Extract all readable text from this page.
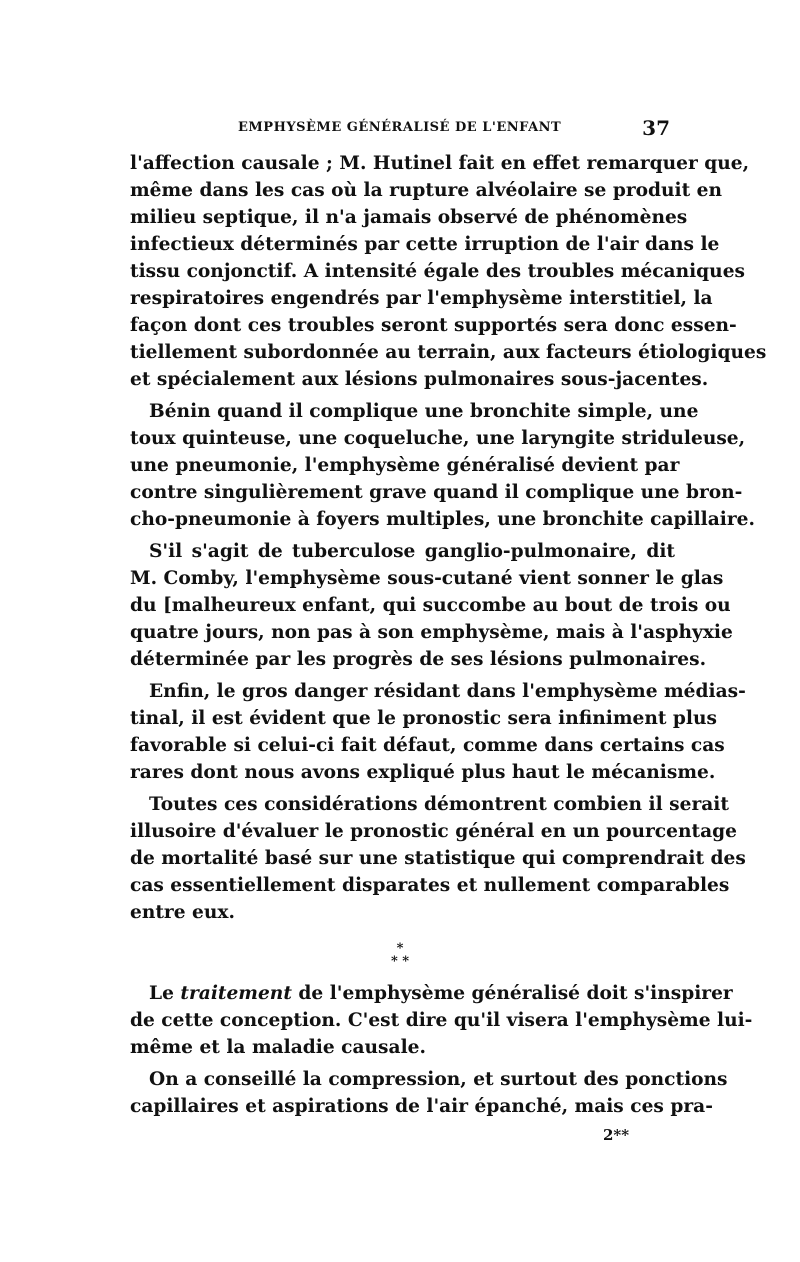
EMPHYSÈME GÉNÉRALISÉ DE L'ENFANT	37
l'affection causale ; M. Hutinel fait en effet remarquer que,
même dans les cas où la rupture alvéolaire se produit en
milieu septique, il n'a jamais observé de phénomènes
infectieux déterminés par cette irruption de l'air dans le
tissu conjonctif. A intensité égale des troubles mécaniques
respiratoires engendrés par l'emphysème interstitiel, la
façon dont ces troubles seront supportés sera donc essen-
tiellement subordonnée au terrain, aux facteurs étiologiques
et spécialement aux lésions pulmonaires sous-jacentes.
Bénin quand il complique une bronchite simple, une
toux quinteuse, une coqueluche, une laryngite striduleuse,
une pneumonie, l'emphysème généralisé devient par
contre singulièrement grave quand il complique une bron-
cho-pneumonie à foyers multiples, une bronchite capillaire.
S'il s'agit de tuberculose ganglio-pulmonaire, dit
M. Comby, l'emphysème sous-cutané vient sonner le glas
du [malheureux enfant, qui succombe au bout de trois ou
quatre jours, non pas à son emphysème, mais à l'asphyxie
déterminée par les progrès de ses lésions pulmonaires.
Enfin, le gros danger résidant dans l'emphysème médias-
tinal, il est évident que le pronostic sera infiniment plus
favorable si celui-ci fait défaut, comme dans certains cas
rares dont nous avons expliqué plus haut le mécanisme.
Toutes ces considérations démontrent combien il serait
illusoire d'évaluer le pronostic général en un pourcentage
de mortalité basé sur une statistique qui comprendrait des
cas essentiellement disparates et nullement comparables
entre eux.
*
* *
Le traitement de l'emphysème généralisé doit s'inspirer
de cette conception. C'est dire qu'il visera l'emphysème lui-
même et la maladie causale.
On a conseillé la compression, et surtout des ponctions
capillaires et aspirations de l'air épanché, mais ces pra-
2**
